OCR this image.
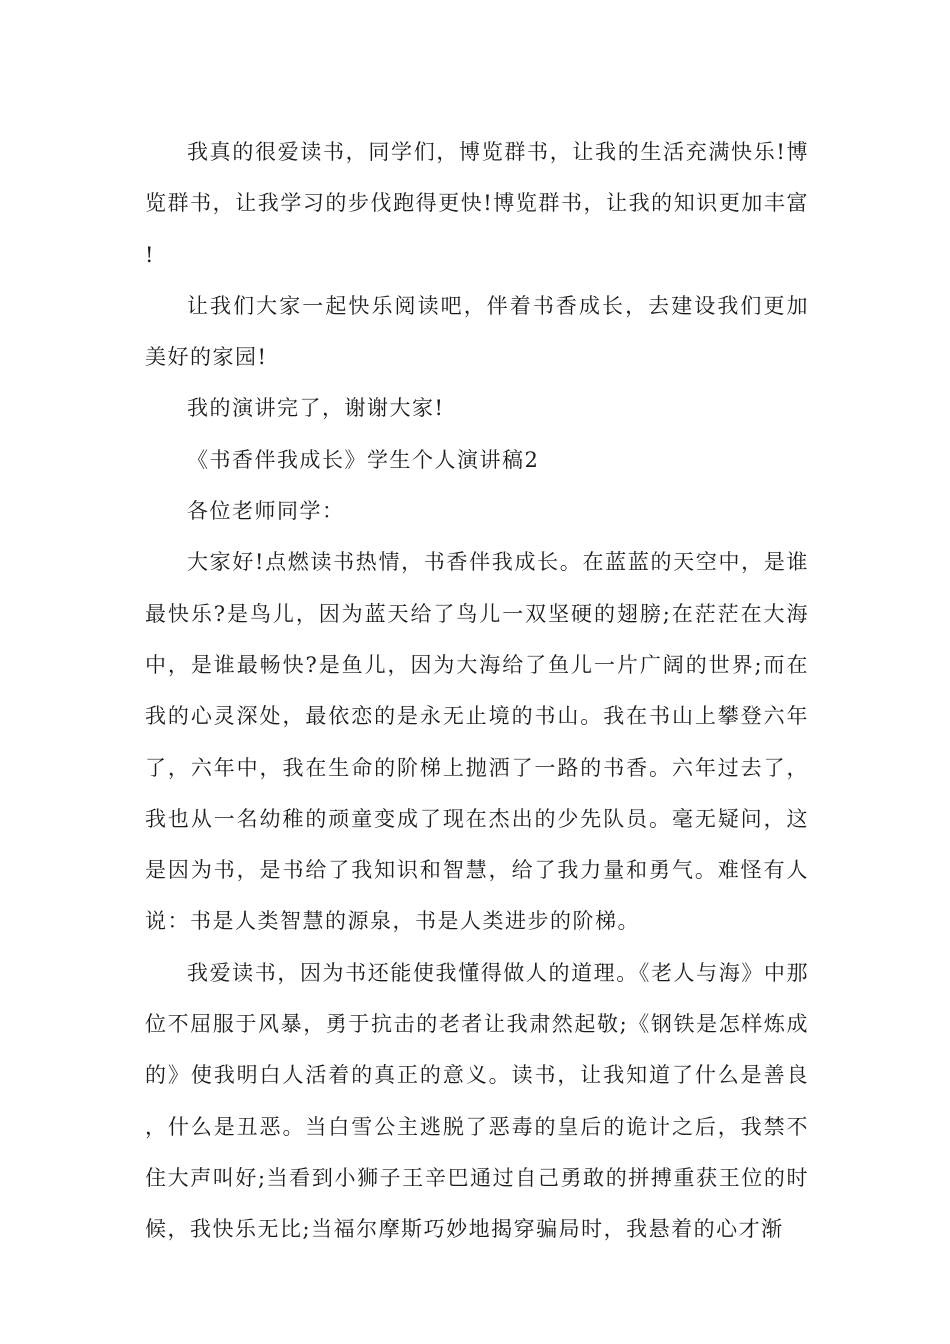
我真的很爱读书，同学们，博览群书，让我的生活充满快乐!博览群书，让我学习的步伐跑得更快!博览群书，让我的知识更加丰富!

让我们大家一起快乐阅读吧，伴着书香成长，去建设我们更加美好的家园!

我的演讲完了，谢谢大家!

《书香伴我成长》学生个人演讲稿2

各位老师同学：

大家好!点燃读书热情，书香伴我成长。在蓝蓝的天空中，是谁最快乐?是鸟儿，因为蓝天给了鸟儿一双坚硬的翅膀;在茫茫在大海中，是谁最畅快?是鱼儿，因为大海给了鱼儿一片广阔的世界;而在我的心灵深处，最依恋的是永无止境的书山。我在书山上攀登六年了，六年中，我在生命的阶梯上抛洒了一路的书香。六年过去了，我也从一名幼稚的顽童变成了现在杰出的少先队员。毫无疑问，这是因为书，是书给了我知识和智慧，给了我力量和勇气。难怪有人说：书是人类智慧的源泉，书是人类进步的阶梯。

我爱读书，因为书还能使我懂得做人的道理。《老人与海》中那位不屈服于风暴，勇于抗击的老者让我肃然起敬;《钢铁是怎样炼成的》使我明白人活着的真正的意义。读书，让我知道了什么是善良，什么是丑恶。当白雪公主逃脱了恶毒的皇后的诡计之后，我禁不住大声叫好;当看到小狮子王辛巴通过自己勇敢的拼搏重获王位的时候，我快乐无比;当福尔摩斯巧妙地揭穿骗局时，我悬着的心才渐
